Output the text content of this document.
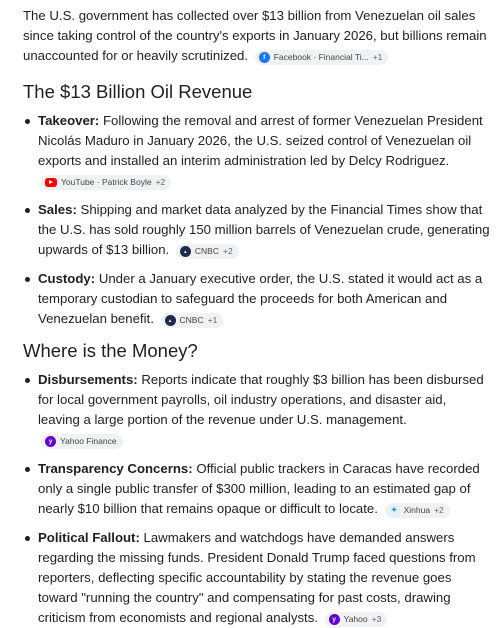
The U.S. government has collected over $13 billion from Venezuelan oil sales since taking control of the country's exports in January 2026, but billions remain unaccounted for or heavily scrutinized.	f Facebook · Financial Ti... +1

The $13 Billion Oil Revenue
Takeover: Following the removal and arrest of former Venezuelan President Nicolás Maduro in January 2026, the U.S. seized control of Venezuelan oil exports and installed an interim administration led by Delcy Rodriguez.
YouTube · Patrick Boyle +2
Sales: Shipping and market data analyzed by the Financial Times show that the U.S. has sold roughly 150 million barrels of Venezuelan crude, generating upwards of $13 billion.	▲ CNBC +2
Custody: Under a January executive order, the U.S. stated it would act as a temporary custodian to safeguard the proceeds for both American and Venezuelan benefit.	▲ CNBC +1
Where is the Money?
Disbursements: Reports indicate that roughly $3 billion has been disbursed for local government payrolls, oil industry operations, and disaster aid, leaving a large portion of the revenue under U.S. management.
y Yahoo Finance
Transparency Concerns: Official public trackers in Caracas have recorded only a single public transfer of $300 million, leading to an estimated gap of nearly $10 billion that remains opaque or difficult to locate.	✦ Xinhua +2
Political Fallout: Lawmakers and watchdogs have demanded answers regarding the missing funds. President Donald Trump faced questions from reporters, deflecting specific accountability by stating the revenue goes toward "running the country" and compensating for past costs, drawing criticism from economists and regional analysts.	y Yahoo +3
